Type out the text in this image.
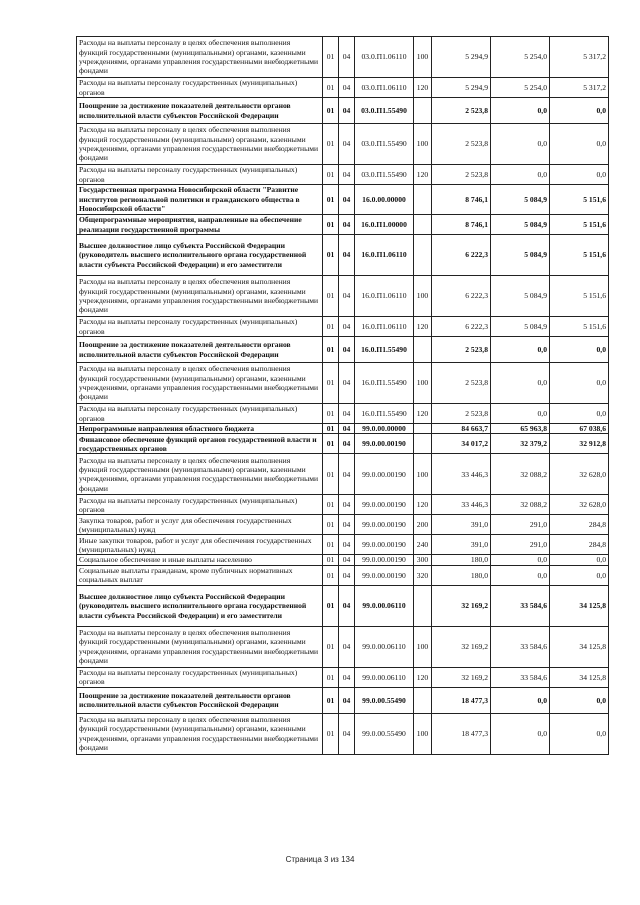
Расходы на выплаты персоналу в целях обеспечения выполнения функций государственными (муниципальными) органами, казенными учреждениями, органами управления государственными внебюджетными фондами	01	04	03.0.П1.06110	100	5 294,9	5 254,0	5 317,2
Расходы на выплаты персоналу государственных (муниципальных) органов	01	04	03.0.П1.06110	120	5 294,9	5 254,0	5 317,2
Поощрение за достижение показателей деятельности органов исполнительной власти субъектов Российской Федерации	01	04	03.0.П1.55490		2 523,8	0,0	0,0
Расходы на выплаты персоналу в целях обеспечения выполнения функций государственными (муниципальными) органами, казенными учреждениями, органами управления государственными внебюджетными фондами	01	04	03.0.П1.55490	100	2 523,8	0,0	0,0
Расходы на выплаты персоналу государственных (муниципальных) органов	01	04	03.0.П1.55490	120	2 523,8	0,0	0,0
Государственная программа Новосибирской области "Развитие институтов региональной политики и гражданского общества в Новосибирской области"	01	04	16.0.00.00000		8 746,1	5 084,9	5 151,6
Общепрограммные мероприятия, направленные на обеспечение реализации государственной программы	01	04	16.0.П1.00000		8 746,1	5 084,9	5 151,6
Высшее должностное лицо субъекта Российской Федерации (руководитель высшего исполнительного органа государственной власти субъекта Российской Федерации) и его заместители	01	04	16.0.П1.06110		6 222,3	5 084,9	5 151,6
Расходы на выплаты персоналу в целях обеспечения выполнения функций государственными (муниципальными) органами, казенными учреждениями, органами управления государственными внебюджетными фондами	01	04	16.0.П1.06110	100	6 222,3	5 084,9	5 151,6
Расходы на выплаты персоналу государственных (муниципальных) органов	01	04	16.0.П1.06110	120	6 222,3	5 084,9	5 151,6
Поощрение за достижение показателей деятельности органов исполнительной власти субъектов Российской Федерации	01	04	16.0.П1.55490		2 523,8	0,0	0,0
Расходы на выплаты персоналу в целях обеспечения выполнения функций государственными (муниципальными) органами, казенными учреждениями, органами управления государственными внебюджетными фондами	01	04	16.0.П1.55490	100	2 523,8	0,0	0,0
Расходы на выплаты персоналу государственных (муниципальных) органов	01	04	16.0.П1.55490	120	2 523,8	0,0	0,0
Непрограммные направления областного бюджета	01	04	99.0.00.00000		84 663,7	65 963,8	67 038,6
Финансовое обеспечение функций органов государственной власти и государственных органов	01	04	99.0.00.00190		34 017,2	32 379,2	32 912,8
Расходы на выплаты персоналу в целях обеспечения выполнения функций государственными (муниципальными) органами, казенными учреждениями, органами управления государственными внебюджетными фондами	01	04	99.0.00.00190	100	33 446,3	32 088,2	32 628,0
Расходы на выплаты персоналу государственных (муниципальных) органов	01	04	99.0.00.00190	120	33 446,3	32 088,2	32 628,0
Закупка товаров, работ и услуг для обеспечения государственных (муниципальных) нужд	01	04	99.0.00.00190	200	391,0	291,0	284,8
Иные закупки товаров, работ и услуг для обеспечения государственных (муниципальных) нужд	01	04	99.0.00.00190	240	391,0	291,0	284,8
Социальное обеспечение и иные выплаты населению	01	04	99.0.00.00190	300	180,0	0,0	0,0
Социальные выплаты гражданам, кроме публичных нормативных социальных выплат	01	04	99.0.00.00190	320	180,0	0,0	0,0
Высшее должностное лицо субъекта Российской Федерации (руководитель высшего исполнительного органа государственной власти субъекта Российской Федерации) и его заместители	01	04	99.0.00.06110		32 169,2	33 584,6	34 125,8
Расходы на выплаты персоналу в целях обеспечения выполнения функций государственными (муниципальными) органами, казенными учреждениями, органами управления государственными внебюджетными фондами	01	04	99.0.00.06110	100	32 169,2	33 584,6	34 125,8
Расходы на выплаты персоналу государственных (муниципальных) органов	01	04	99.0.00.06110	120	32 169,2	33 584,6	34 125,8
Поощрение за достижение показателей деятельности органов исполнительной власти субъектов Российской Федерации	01	04	99.0.00.55490		18 477,3	0,0	0,0
Расходы на выплаты персоналу в целях обеспечения выполнения функций государственными (муниципальными) органами, казенными учреждениями, органами управления государственными внебюджетными фондами	01	04	99.0.00.55490	100	18 477,3	0,0	0,0
Страница 3 из 134
